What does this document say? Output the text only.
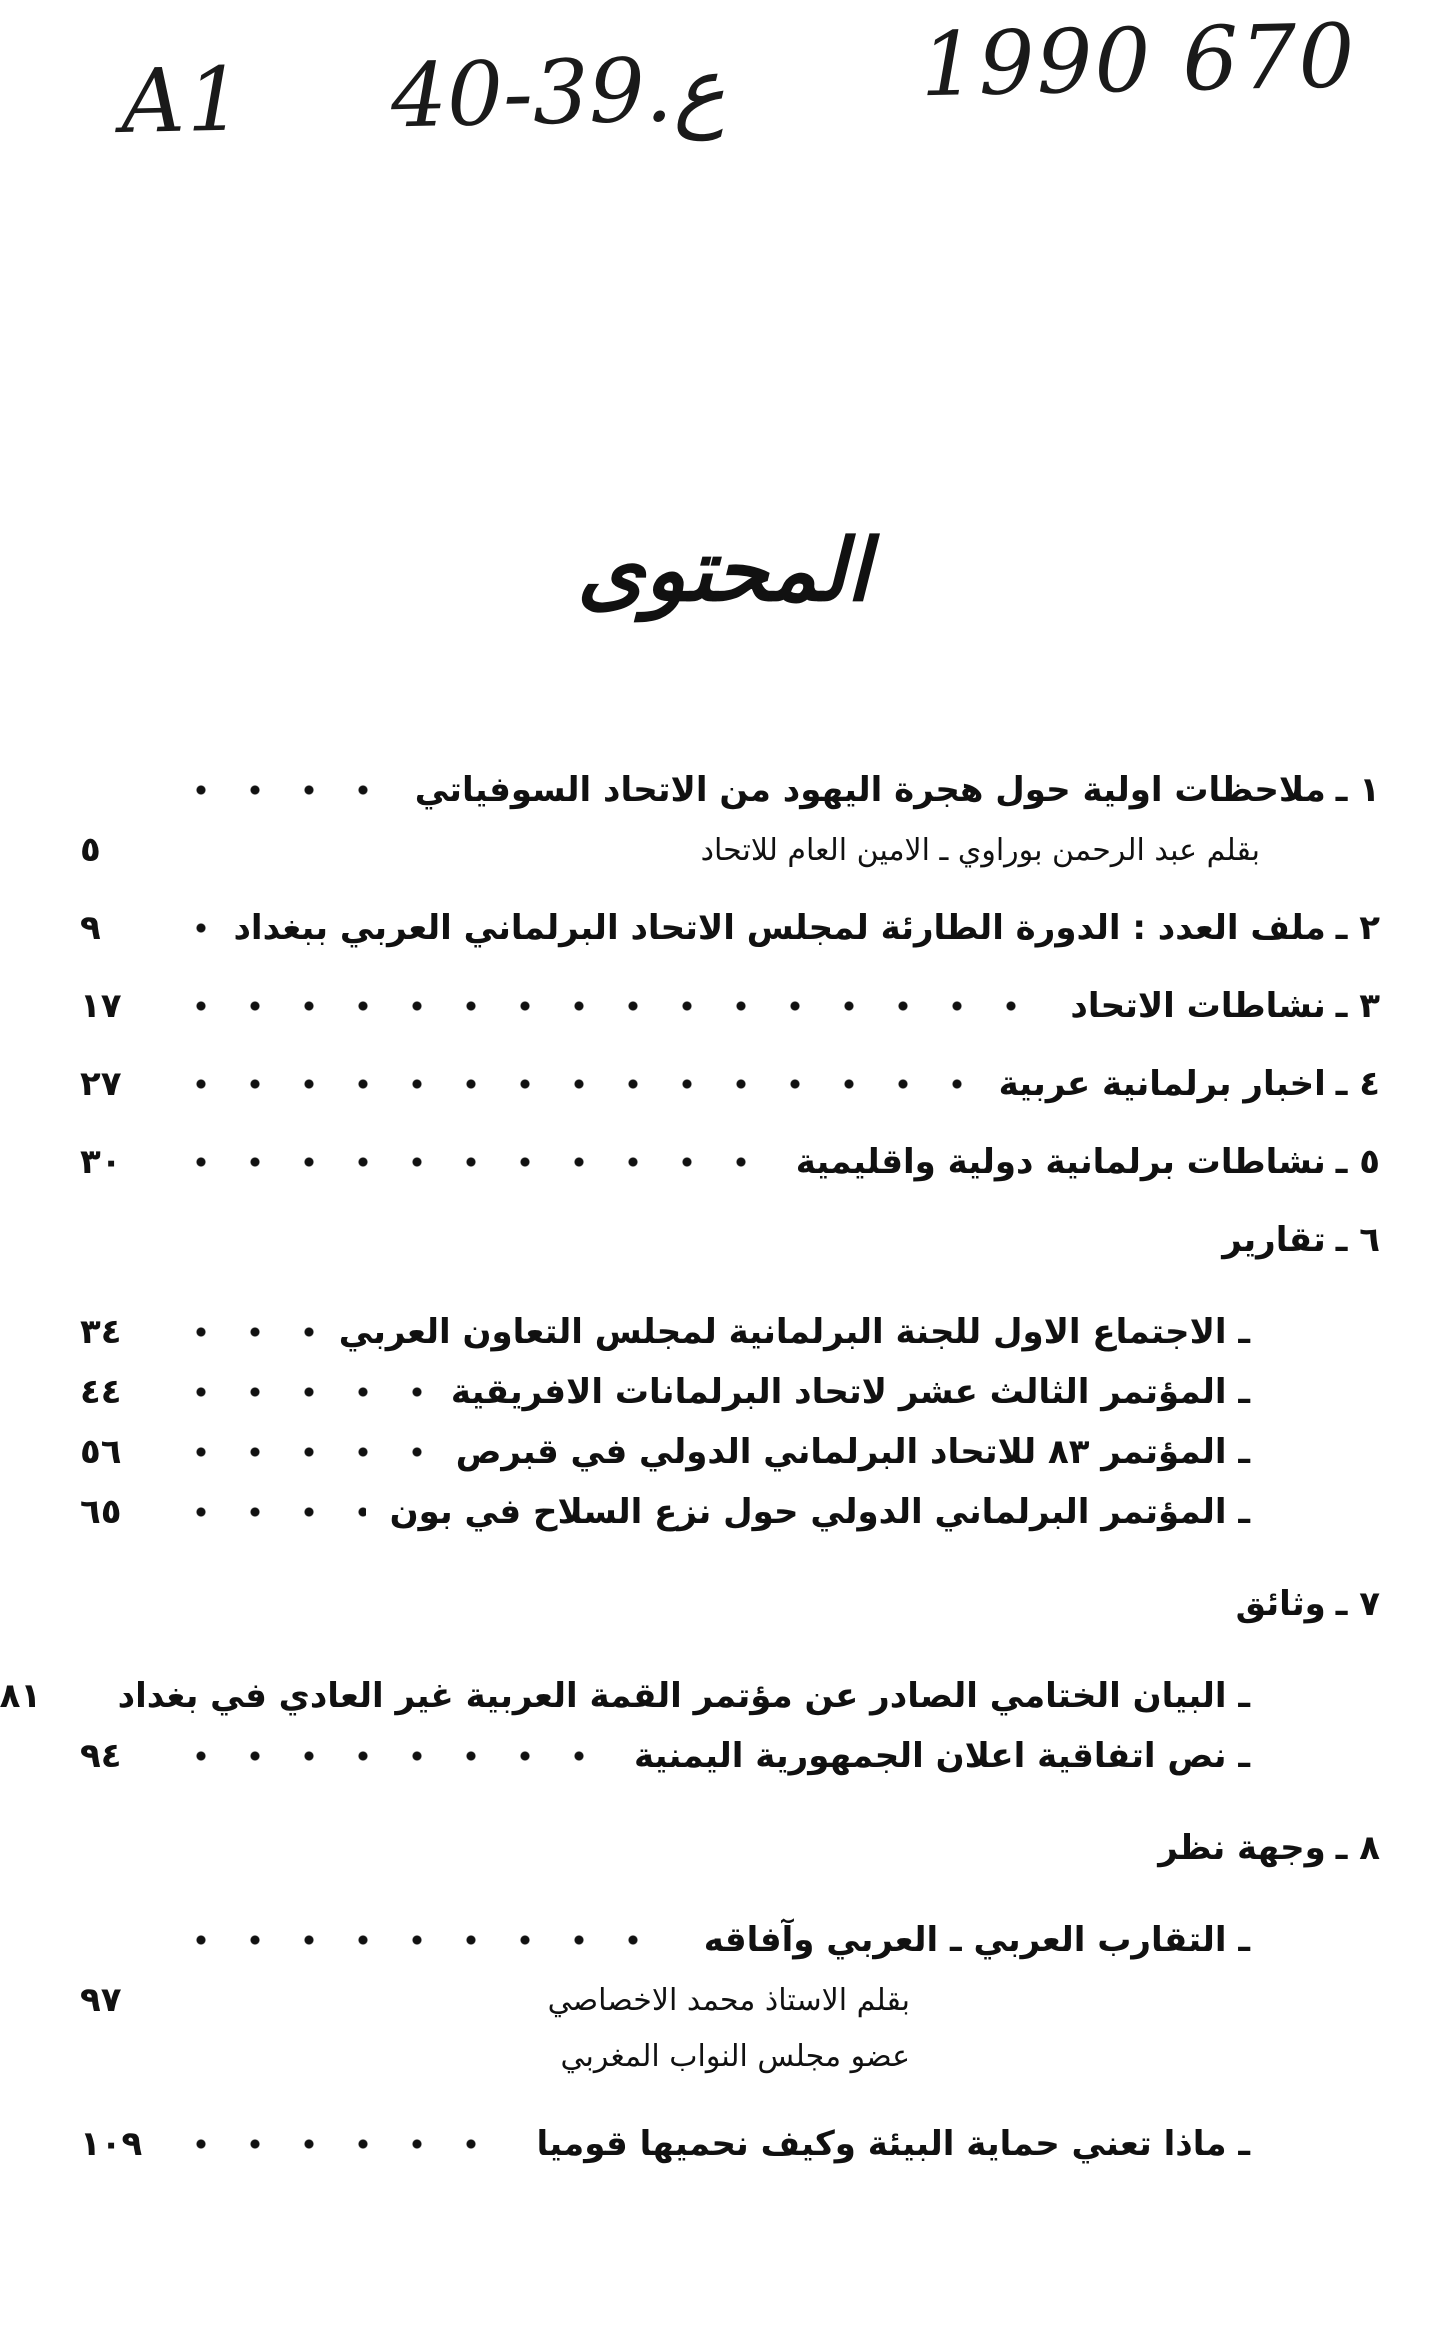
A1 40-39.ع 1990 670
المحتوى
١ ـ
ملاحظات اولية حول هجرة اليهود من الاتحاد السوفياتي
بقلم عبد الرحمن بوراوي ـ الامين العام للاتحاد
٥
٢ ـ
ملف العدد : الدورة الطارئة لمجلس الاتحاد البرلماني العربي ببغداد
٩
٣ ـ
نشاطات الاتحاد
١٧
٤ ـ
اخبار برلمانية عربية
٢٧
٥ ـ
نشاطات برلمانية دولية واقليمية
٣٠
٦ ـ
تقارير
ـ الاجتماع الاول للجنة البرلمانية لمجلس التعاون العربي
٣٤
ـ المؤتمر الثالث عشر لاتحاد البرلمانات الافريقية
٤٤
ـ المؤتمر ٨٣ للاتحاد البرلماني الدولي في قبرص
٥٦
ـ المؤتمر البرلماني الدولي حول نزع السلاح في بون
٦٥
٧ ـ
وثائق
ـ البيان الختامي الصادر عن مؤتمر القمة العربية غير العادي في بغداد
٨١
ـ نص اتفاقية اعلان الجمهورية اليمنية
٩٤
٨ ـ
وجهة نظر
ـ التقارب العربي ـ العربي وآفاقه
بقلم الاستاذ محمد الاخصاصي
٩٧
عضو مجلس النواب المغربي
ـ ماذا تعني حماية البيئة وكيف نحميها قوميا
١٠٩
